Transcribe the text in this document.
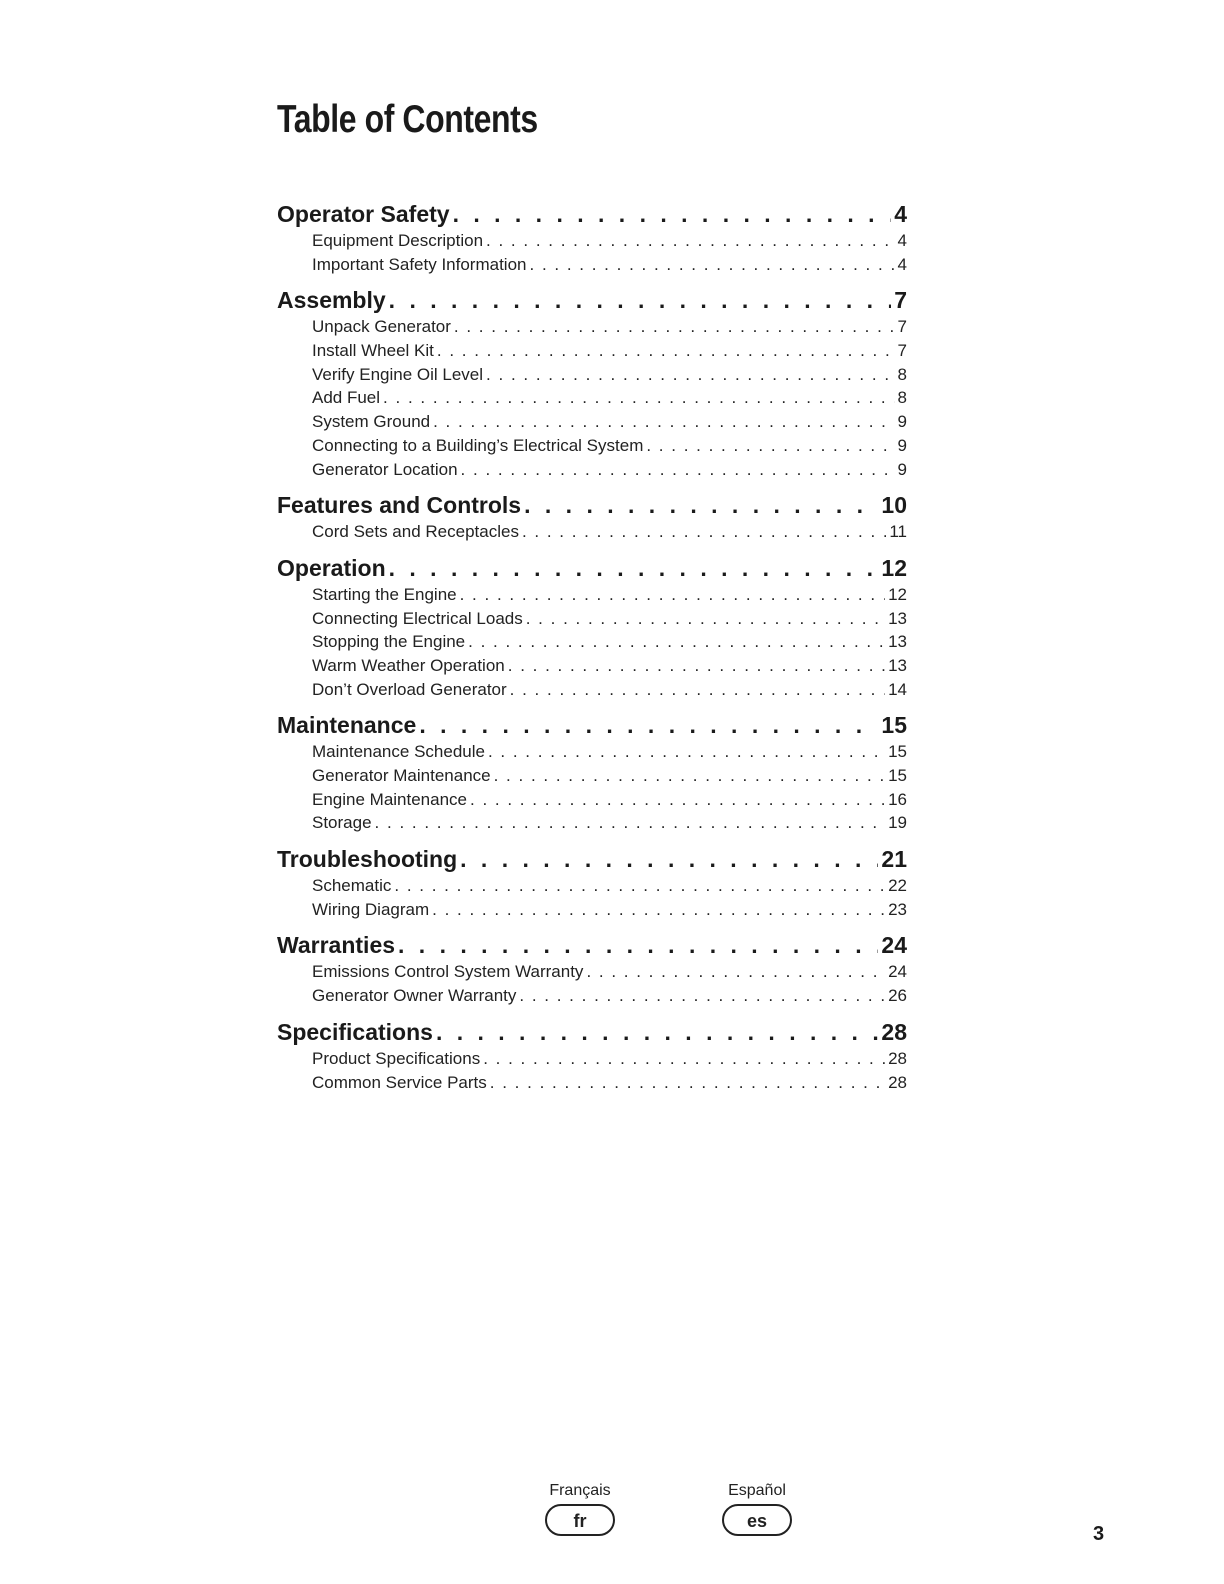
Table of Contents
Operator Safety . . .	4
Equipment Description . . .	4
Important Safety Information . . .	4
Assembly . . .	7
Unpack Generator . . .	7
Install Wheel Kit . . .	7
Verify Engine Oil Level . . .	8
Add Fuel . . .	8
System Ground . . .	9
Connecting to a Building’s Electrical System . . .	9
Generator Location . . .	9
Features and Controls . . .	10
Cord Sets and Receptacles . . .	11
Operation . . .	12
Starting the Engine . . .	12
Connecting Electrical Loads . . .	13
Stopping the Engine . . .	13
Warm Weather Operation . . .	13
Don’t Overload Generator . . .	14
Maintenance . . .	15
Maintenance Schedule . . .	15
Generator Maintenance . . .	15
Engine Maintenance . . .	16
Storage . . .	19
Troubleshooting . . .	21
Schematic . . .	22
Wiring Diagram . . .	23
Warranties . . .	24
Emissions Control System Warranty . . .	24
Generator Owner Warranty . . .	26
Specifications . . .	28
Product Specifications . . .	28
Common Service Parts . . .	28
Français
fr
Español
es
3
